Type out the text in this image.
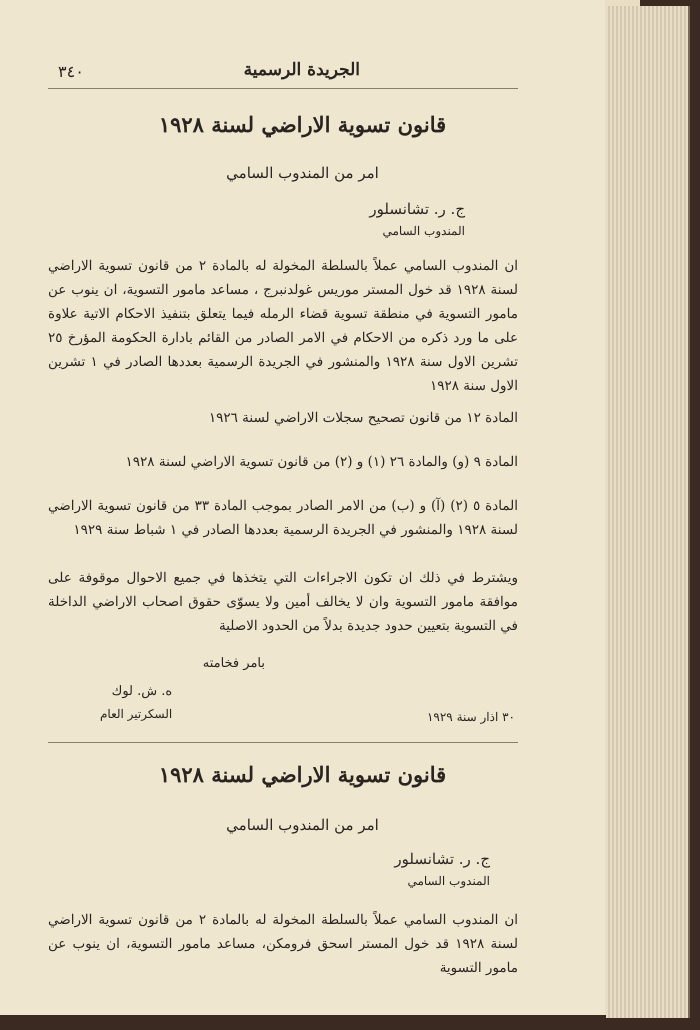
الجريدة الرسمية
٣٤٠
قانون تسوية الاراضي لسنة ١٩٢٨
امر من المندوب السامي
ج. ر. تشانسلور
المندوب السامي
ان المندوب السامي عملاً بالسلطة المخولة له بالمادة ٢ من قانون تسوية الاراضي لسنة ١٩٢٨ قد خول المستر موريس غولدنبرج ، مساعد مامور التسوية، ان ينوب عن مامور التسوية في منطقة تسوية قضاء الرمله فيما يتعلق بتنفيذ الاحكام الاتية علاوة على ما ورد ذكره من الاحكام في الامر الصادر من القائم بادارة الحكومة المؤرخ ٢٥ تشرين الاول سنة ١٩٢٨ والمنشور في الجريدة الرسمية بعددها الصادر في ١ تشرين الاول سنة ١٩٢٨
المادة ١٢ من قانون تصحيح سجلات الاراضي لسنة ١٩٢٦
المادة ٩ (و) والمادة ٢٦ (١) و (٢) من قانون تسوية الاراضي لسنة ١٩٢٨
المادة ٥ (٢) (آ) و (ب) من الامر الصادر بموجب المادة ٣٣ من قانون تسوية الاراضي لسنة ١٩٢٨ والمنشور في الجريدة الرسمية بعددها الصادر في ١ شباط سنة ١٩٢٩
ويشترط في ذلك ان تكون الاجراءات التي يتخذها في جميع الاحوال موقوفة على موافقة مامور التسوية وان لا يخالف أمين ولا يسوّى حقوق اصحاب الاراضي الداخلة في التسوية بتعيين حدود جديدة بدلاً من الحدود الاصلية
بامر فخامته
ه. ش. لوك
السكرتير العام	٣٠ اذار سنة ١٩٢٩
قانون تسوية الاراضي لسنة ١٩٢٨
امر من المندوب السامي
ج. ر. تشانسلور
المندوب السامي
ان المندوب السامي عملاً بالسلطة المخولة له بالمادة ٢ من قانون تسوية الاراضي لسنة ١٩٢٨ قد خول المستر اسحق فرومكن، مساعد مامور التسوية، ان ينوب عن مامور التسوية
